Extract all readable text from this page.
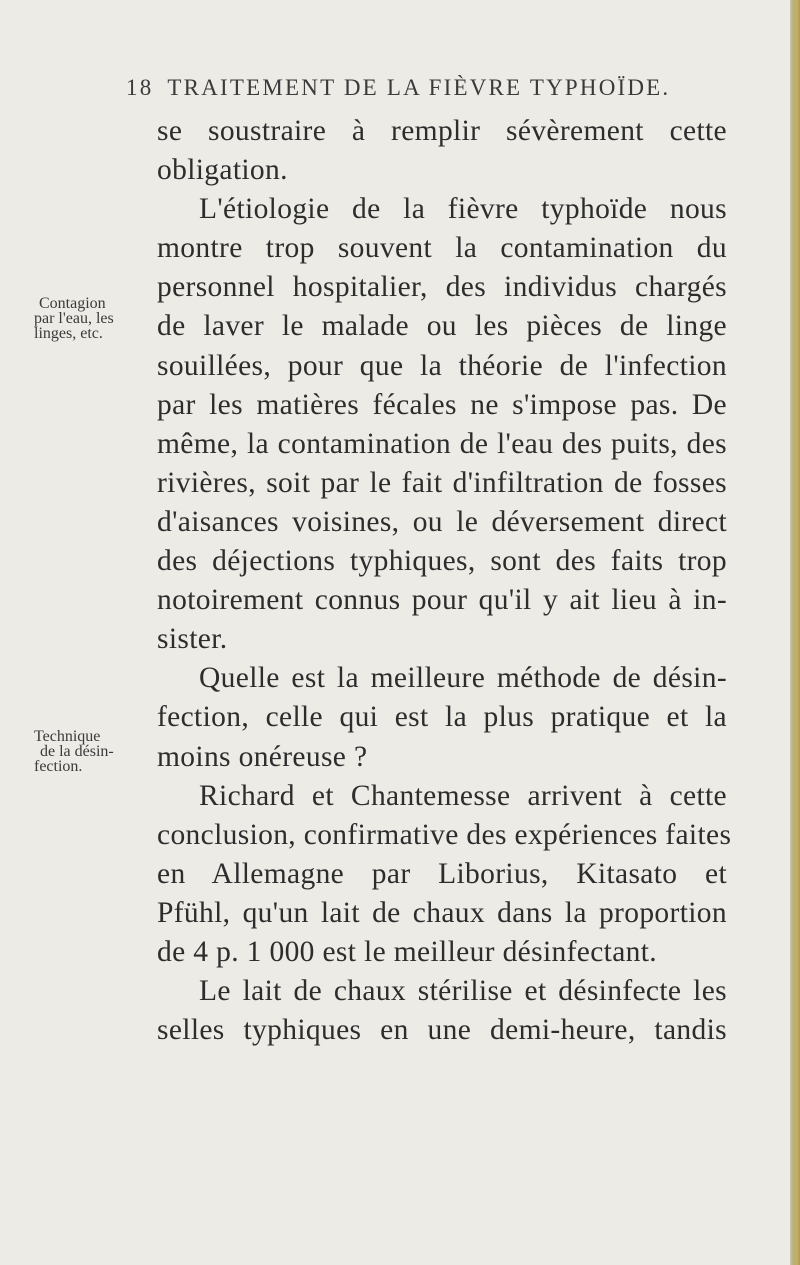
18 TRAITEMENT DE LA FIÈVRE TYPHOÏDE.
Contagion
par l'eau, les
linges, etc.
Technique
de la désin-
fection.
se soustraire à remplir sévèrement cette
obligation.
L'étiologie de la fièvre typhoïde nous
montre trop souvent la contamination du
personnel hospitalier, des individus chargés
de laver le malade ou les pièces de linge
souillées, pour que la théorie de l'infection
par les matières fécales ne s'impose pas. De
même, la contamination de l'eau des puits, des
rivières, soit par le fait d'infiltration de fosses
d'aisances voisines, ou le déversement direct
des déjections typhiques, sont des faits trop
notoirement connus pour qu'il y ait lieu à in-
sister.
Quelle est la meilleure méthode de désin-
fection, celle qui est la plus pratique et la
moins onéreuse ?
Richard et Chantemesse arrivent à cette
conclusion, confirmative des expériences faites
en Allemagne par Liborius, Kitasato et
Pfühl, qu'un lait de chaux dans la proportion
de 4 p. 1 000 est le meilleur désinfectant.
Le lait de chaux stérilise et désinfecte les
selles typhiques en une demi-heure, tandis
